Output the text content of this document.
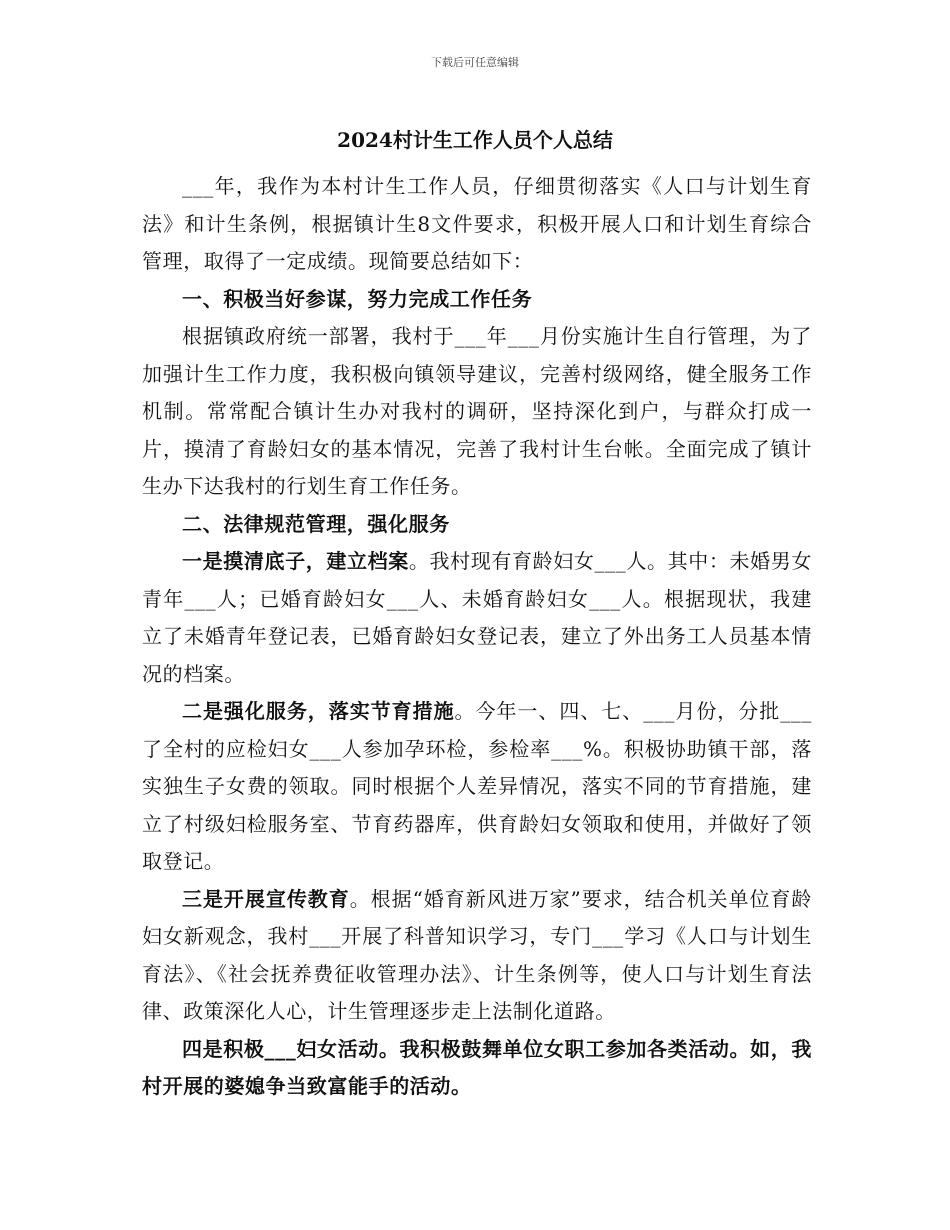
下载后可任意编辑
2024村计生工作人员个人总结

___年，我作为本村计生工作人员，仔细贯彻落实《人口与计划生育法》和计生条例，根据镇计生8文件要求，积极开展人口和计划生育综合管理，取得了一定成绩。现简要总结如下：

一、积极当好参谋，努力完成工作任务

根据镇政府统一部署，我村于___年___月份实施计生自行管理，为了加强计生工作力度，我积极向镇领导建议，完善村级网络，健全服务工作机制。常常配合镇计生办对我村的调研，坚持深化到户，与群众打成一片，摸清了育龄妇女的基本情况，完善了我村计生台帐。全面完成了镇计生办下达我村的行划生育工作任务。

二、法律规范管理，强化服务

一是摸清底子，建立档案。我村现有育龄妇女___人。其中：未婚男女青年___人；已婚育龄妇女___人、未婚育龄妇女___人。根据现状，我建立了未婚青年登记表，已婚育龄妇女登记表，建立了外出务工人员基本情况的档案。

二是强化服务，落实节育措施。今年一、四、七、___月份，分批___了全村的应检妇女___人参加孕环检，参检率___%。积极协助镇干部，落实独生子女费的领取。同时根据个人差异情况，落实不同的节育措施，建立了村级妇检服务室、节育药器库，供育龄妇女领取和使用，并做好了领取登记。

三是开展宣传教育。根据“婚育新风进万家”要求，结合机关单位育龄妇女新观念，我村___开展了科普知识学习，专门___学习《人口与计划生育法》、《社会抚养费征收管理办法》、计生条例等，使人口与计划生育法律、政策深化人心，计生管理逐步走上法制化道路。

四是积极___妇女活动。我积极鼓舞单位女职工参加各类活动。如，我村开展的婆媳争当致富能手的活动。
